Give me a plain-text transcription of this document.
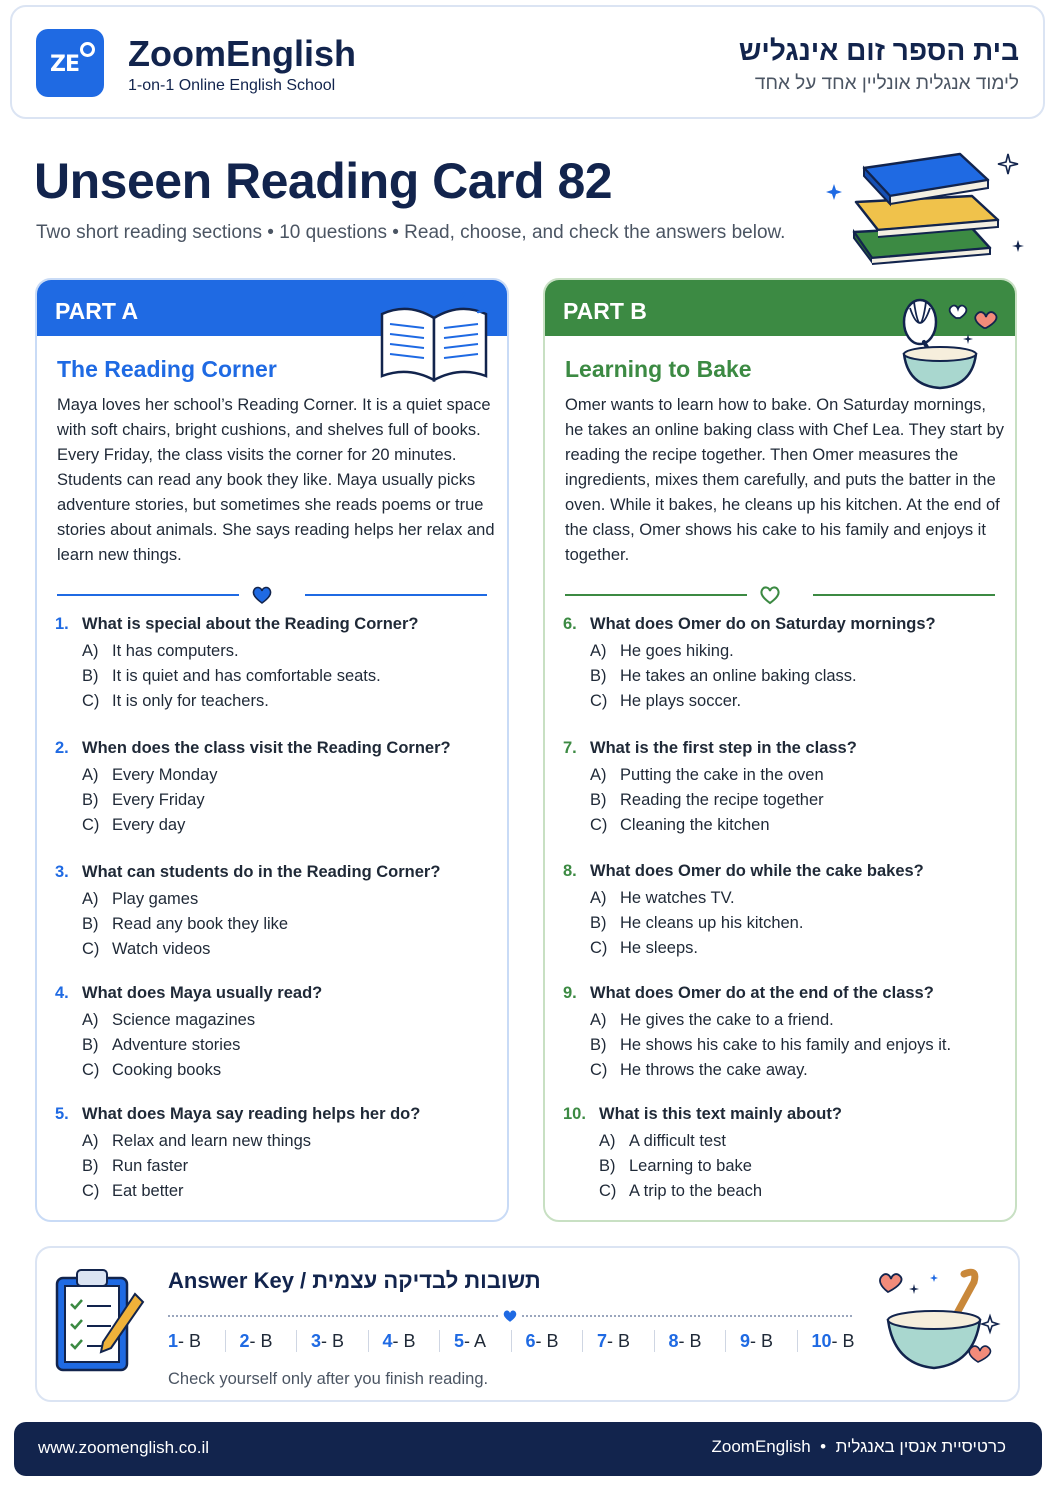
ZE ZoomEnglish
1-on-1 Online English School
בית הספר זום אינגליש
לימוד אנגלית אונליין אחד על אחד
Unseen Reading Card 82
Two short reading sections • 10 questions • Read, choose, and check the answers below.
PART A
The Reading Corner
Maya loves her school’s Reading Corner. It is a quiet space with soft chairs, bright cushions, and shelves full of books. Every Friday, the class visits the corner for 20 minutes. Students can read any book they like. Maya usually picks adventure stories, but sometimes she reads poems or true stories about animals. She says reading helps her relax and learn new things.
1. What is special about the Reading Corner?
A) It has computers.
B) It is quiet and has comfortable seats.
C) It is only for teachers.
2. When does the class visit the Reading Corner?
A) Every Monday
B) Every Friday
C) Every day
3. What can students do in the Reading Corner?
A) Play games
B) Read any book they like
C) Watch videos
4. What does Maya usually read?
A) Science magazines
B) Adventure stories
C) Cooking books
5. What does Maya say reading helps her do?
A) Relax and learn new things
B) Run faster
C) Eat better
PART B
Learning to Bake
Omer wants to learn how to bake. On Saturday mornings, he takes an online baking class with Chef Lea. They start by reading the recipe together. Then Omer measures the ingredients, mixes them carefully, and puts the batter in the oven. While it bakes, he cleans up his kitchen. At the end of the class, Omer shows his cake to his family and enjoys it together.
6. What does Omer do on Saturday mornings?
A) He goes hiking.
B) He takes an online baking class.
C) He plays soccer.
7. What is the first step in the class?
A) Putting the cake in the oven
B) Reading the recipe together
C) Cleaning the kitchen
8. What does Omer do while the cake bakes?
A) He watches TV.
B) He cleans up his kitchen.
C) He sleeps.
9. What does Omer do at the end of the class?
A) He gives the cake to a friend.
B) He shows his cake to his family and enjoys it.
C) He throws the cake away.
10. What is this text mainly about?
A) A difficult test
B) Learning to bake
C) A trip to the beach
Answer Key / תשובות לבדיקה עצמית
1 - B 2 - B 3 - B 4 - B 5 - A 6 - B 7 - B 8 - B 9 - B 10 - B
Check yourself only after you finish reading.
www.zoomenglish.co.il	ZoomEnglish • כרטיסיית אנסין באנגלית
